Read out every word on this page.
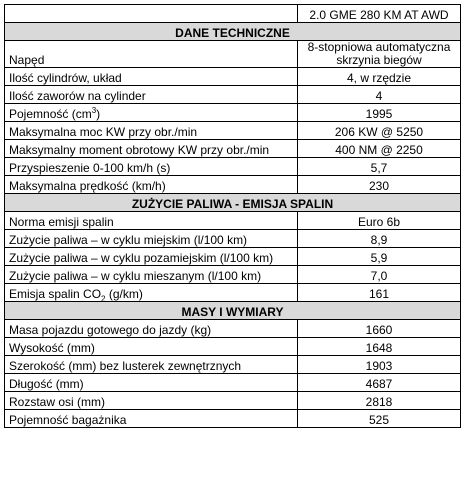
	2.0 GME 280 KM AT AWD
DANE TECHNICZNE	
Napęd	8-stopniowa automatyczna skrzynia biegów
Ilość cylindrów, układ	4, w rzędzie
Ilość zaworów na cylinder	4
Pojemność $(cm^3)$	1995
Maksymalna moc KW przy obr./min	206 KW @ 5250
Maksymalny moment obrotowy KW przy obr./min	400 NM @ 2250
Przyspieszenie 0-100 km/h (s)	5,7
Maksymalna prędkość (km/h)	230
ZUŻYCIE PALIWA - EMISJA SPALIN	
Norma emisji spalin	Euro 6b
Zużycie paliwa – w cyklu miejskim (l/100 km)	8,9
Zużycie paliwa – w cyklu pozamiejskim (l/100 km)	5,9
Zużycie paliwa – w cyklu mieszanym (l/100 km)	7,0
Emisja spalin $CO_2$ (g/km)	161
MASY I WYMIARY	
Masa pojazdu gotowego do jazdy (kg)	1660
Wysokość (mm)	1648
Szerokość (mm) bez lusterek zewnętrznych	1903
Długość (mm)	4687
Rozstaw osi (mm)	2818
Pojemność bagażnika	525
